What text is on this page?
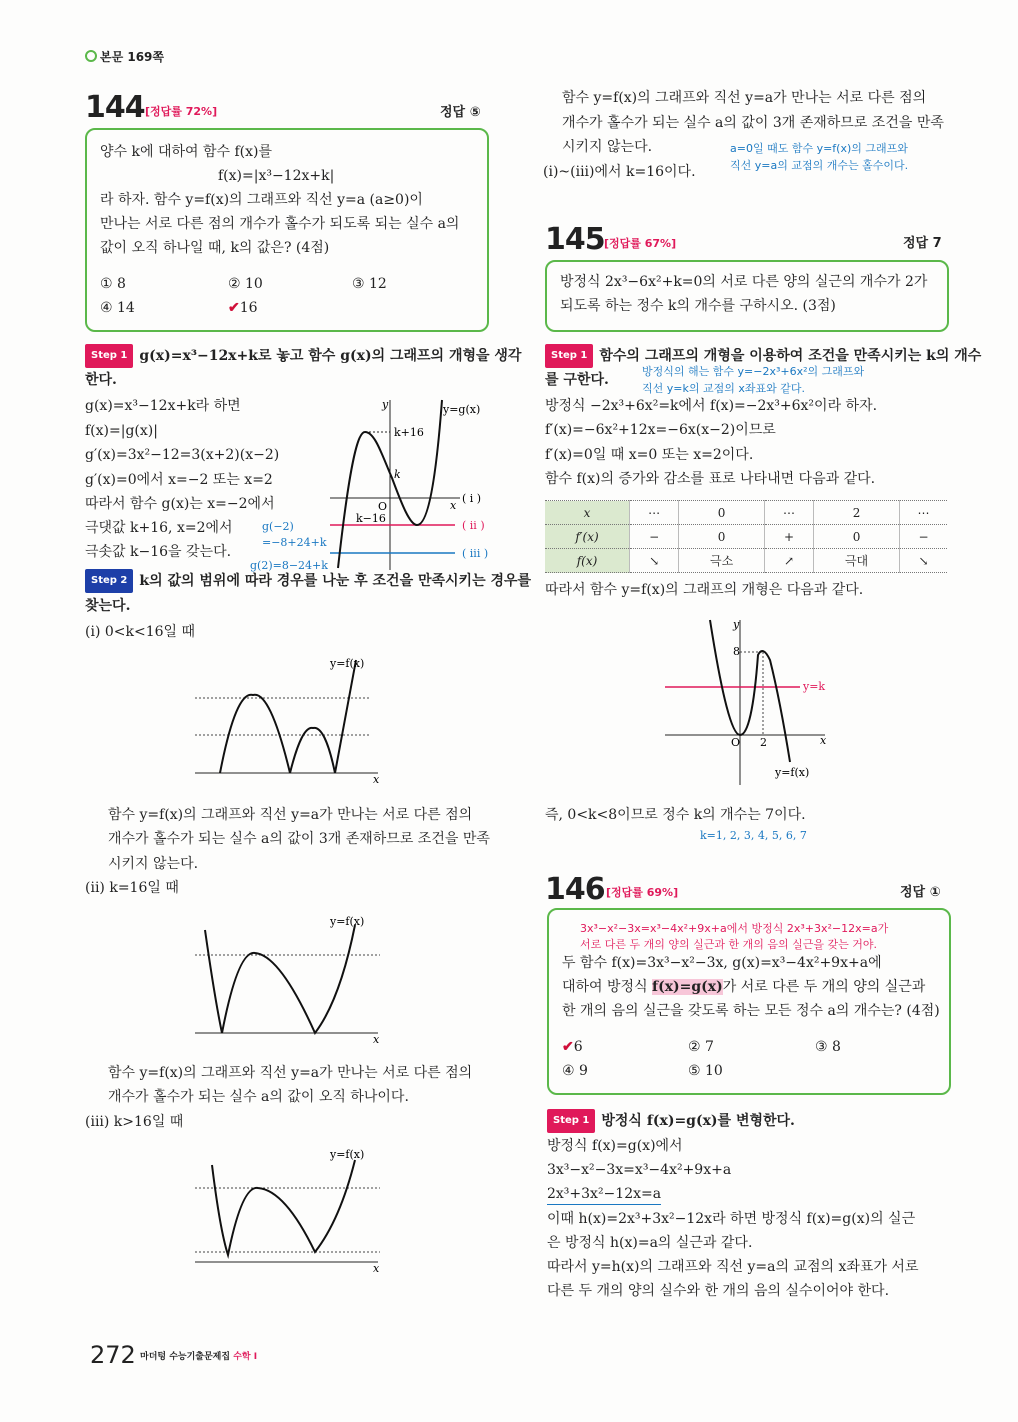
본문 169쪽
144 [정답률 72%]	정답 ⑤
양수 k에 대하여 함수 f(x)를
f(x)=|x³−12x+k|
라 하자. 함수 y=f(x)의 그래프와 직선 y=a (a≥0)이
만나는 서로 다른 점의 개수가 홀수가 되도록 되는 실수 a의
값이 오직 하나일 때, k의 값은? (4점)
① 8	② 10	③ 12
④ 14	✔16
Step 1 g(x)=x³−12x+k로 놓고 함수 g(x)의 그래프의 개형을 생각
한다.
g(x)=x³−12x+k라 하면
f(x)=|g(x)|
g′(x)=3x²−12=3(x+2)(x−2)
g′(x)=0에서 x=−2 또는 x=2
따라서 함수 g(x)는 x=−2에서
극댓값 k+16, x=2에서
극솟값 k−16을 갖는다.
g(−2)
=−8+24+k
g(2)=8−24+k
y	y=g(x)
k+16
k
O
k−16
x
( i )
( ii )
( iii )
Step 2 k의 값의 범위에 따라 경우를 나눈 후 조건을 만족시키는 경우를
찾는다.
(i) 0<k<16일 때
y=f(x)
x
함수 y=f(x)의 그래프와 직선 y=a가 만나는 서로 다른 점의
개수가 홀수가 되는 실수 a의 값이 3개 존재하므로 조건을 만족
시키지 않는다.
(ii) k=16일 때
y=f(x)
x
함수 y=f(x)의 그래프와 직선 y=a가 만나는 서로 다른 점의
개수가 홀수가 되는 실수 a의 값이 오직 하나이다.
(iii) k>16일 때
y=f(x)
x
함수 y=f(x)의 그래프와 직선 y=a가 만나는 서로 다른 점의
개수가 홀수가 되는 실수 a의 값이 3개 존재하므로 조건을 만족
시키지 않는다.	a=0일 때도 함수 y=f(x)의 그래프와
직선 y=a의 교점의 개수는 홀수이다.
(i)~(iii)에서 k=16이다.
145 [정답률 67%]	정답 7
방정식 2x³−6x²+k=0의 서로 다른 양의 실근의 개수가 2가
되도록 하는 정수 k의 개수를 구하시오. (3점)
Step 1 함수의 그래프의 개형을 이용하여 조건을 만족시키는 k의 개수
를 구한다.
방정식의 해는 함수 y=−2x³+6x²의 그래프와
직선 y=k의 교점의 x좌표와 같다.
방정식 −2x³+6x²=k에서 f(x)=−2x³+6x²이라 하자.
f′(x)=−6x²+12x=−6x(x−2)이므로
f′(x)=0일 때 x=0 또는 x=2이다.
함수 f(x)의 증가와 감소를 표로 나타내면 다음과 같다.
x	⋯	0	⋯	2	⋯
f′(x)	−	0	+	0	−
f(x)	↘	극소	↗	극대	↘
따라서 함수 y=f(x)의 그래프의 개형은 다음과 같다.
y
8
O 2	x
y=k
y=f(x)
즉, 0<k<8이므로 정수 k의 개수는 7이다.
k=1, 2, 3, 4, 5, 6, 7
146 [정답률 69%]	정답 ①
3x³−x²−3x=x³−4x²+9x+a에서 방정식 2x³+3x²−12x=a가
서로 다른 두 개의 양의 실근과 한 개의 음의 실근을 갖는 거야.
두 함수 f(x)=3x³−x²−3x, g(x)=x³−4x²+9x+a에
대하여 방정식 f(x)=g(x)가 서로 다른 두 개의 양의 실근과
한 개의 음의 실근을 갖도록 하는 모든 정수 a의 개수는? (4점)
✔6	② 7	③ 8
④ 9	⑤ 10
Step 1 방정식 f(x)=g(x)를 변형한다.
방정식 f(x)=g(x)에서
3x³−x²−3x=x³−4x²+9x+a
2x³+3x²−12x=a
이때 h(x)=2x³+3x²−12x라 하면 방정식 f(x)=g(x)의 실근
은 방정식 h(x)=a의 실근과 같다.
따라서 y=h(x)의 그래프와 직선 y=a의 교점의 x좌표가 서로
다른 두 개의 양의 실수와 한 개의 음의 실수이어야 한다.
272 마더텅 수능기출문제집 수학 I
